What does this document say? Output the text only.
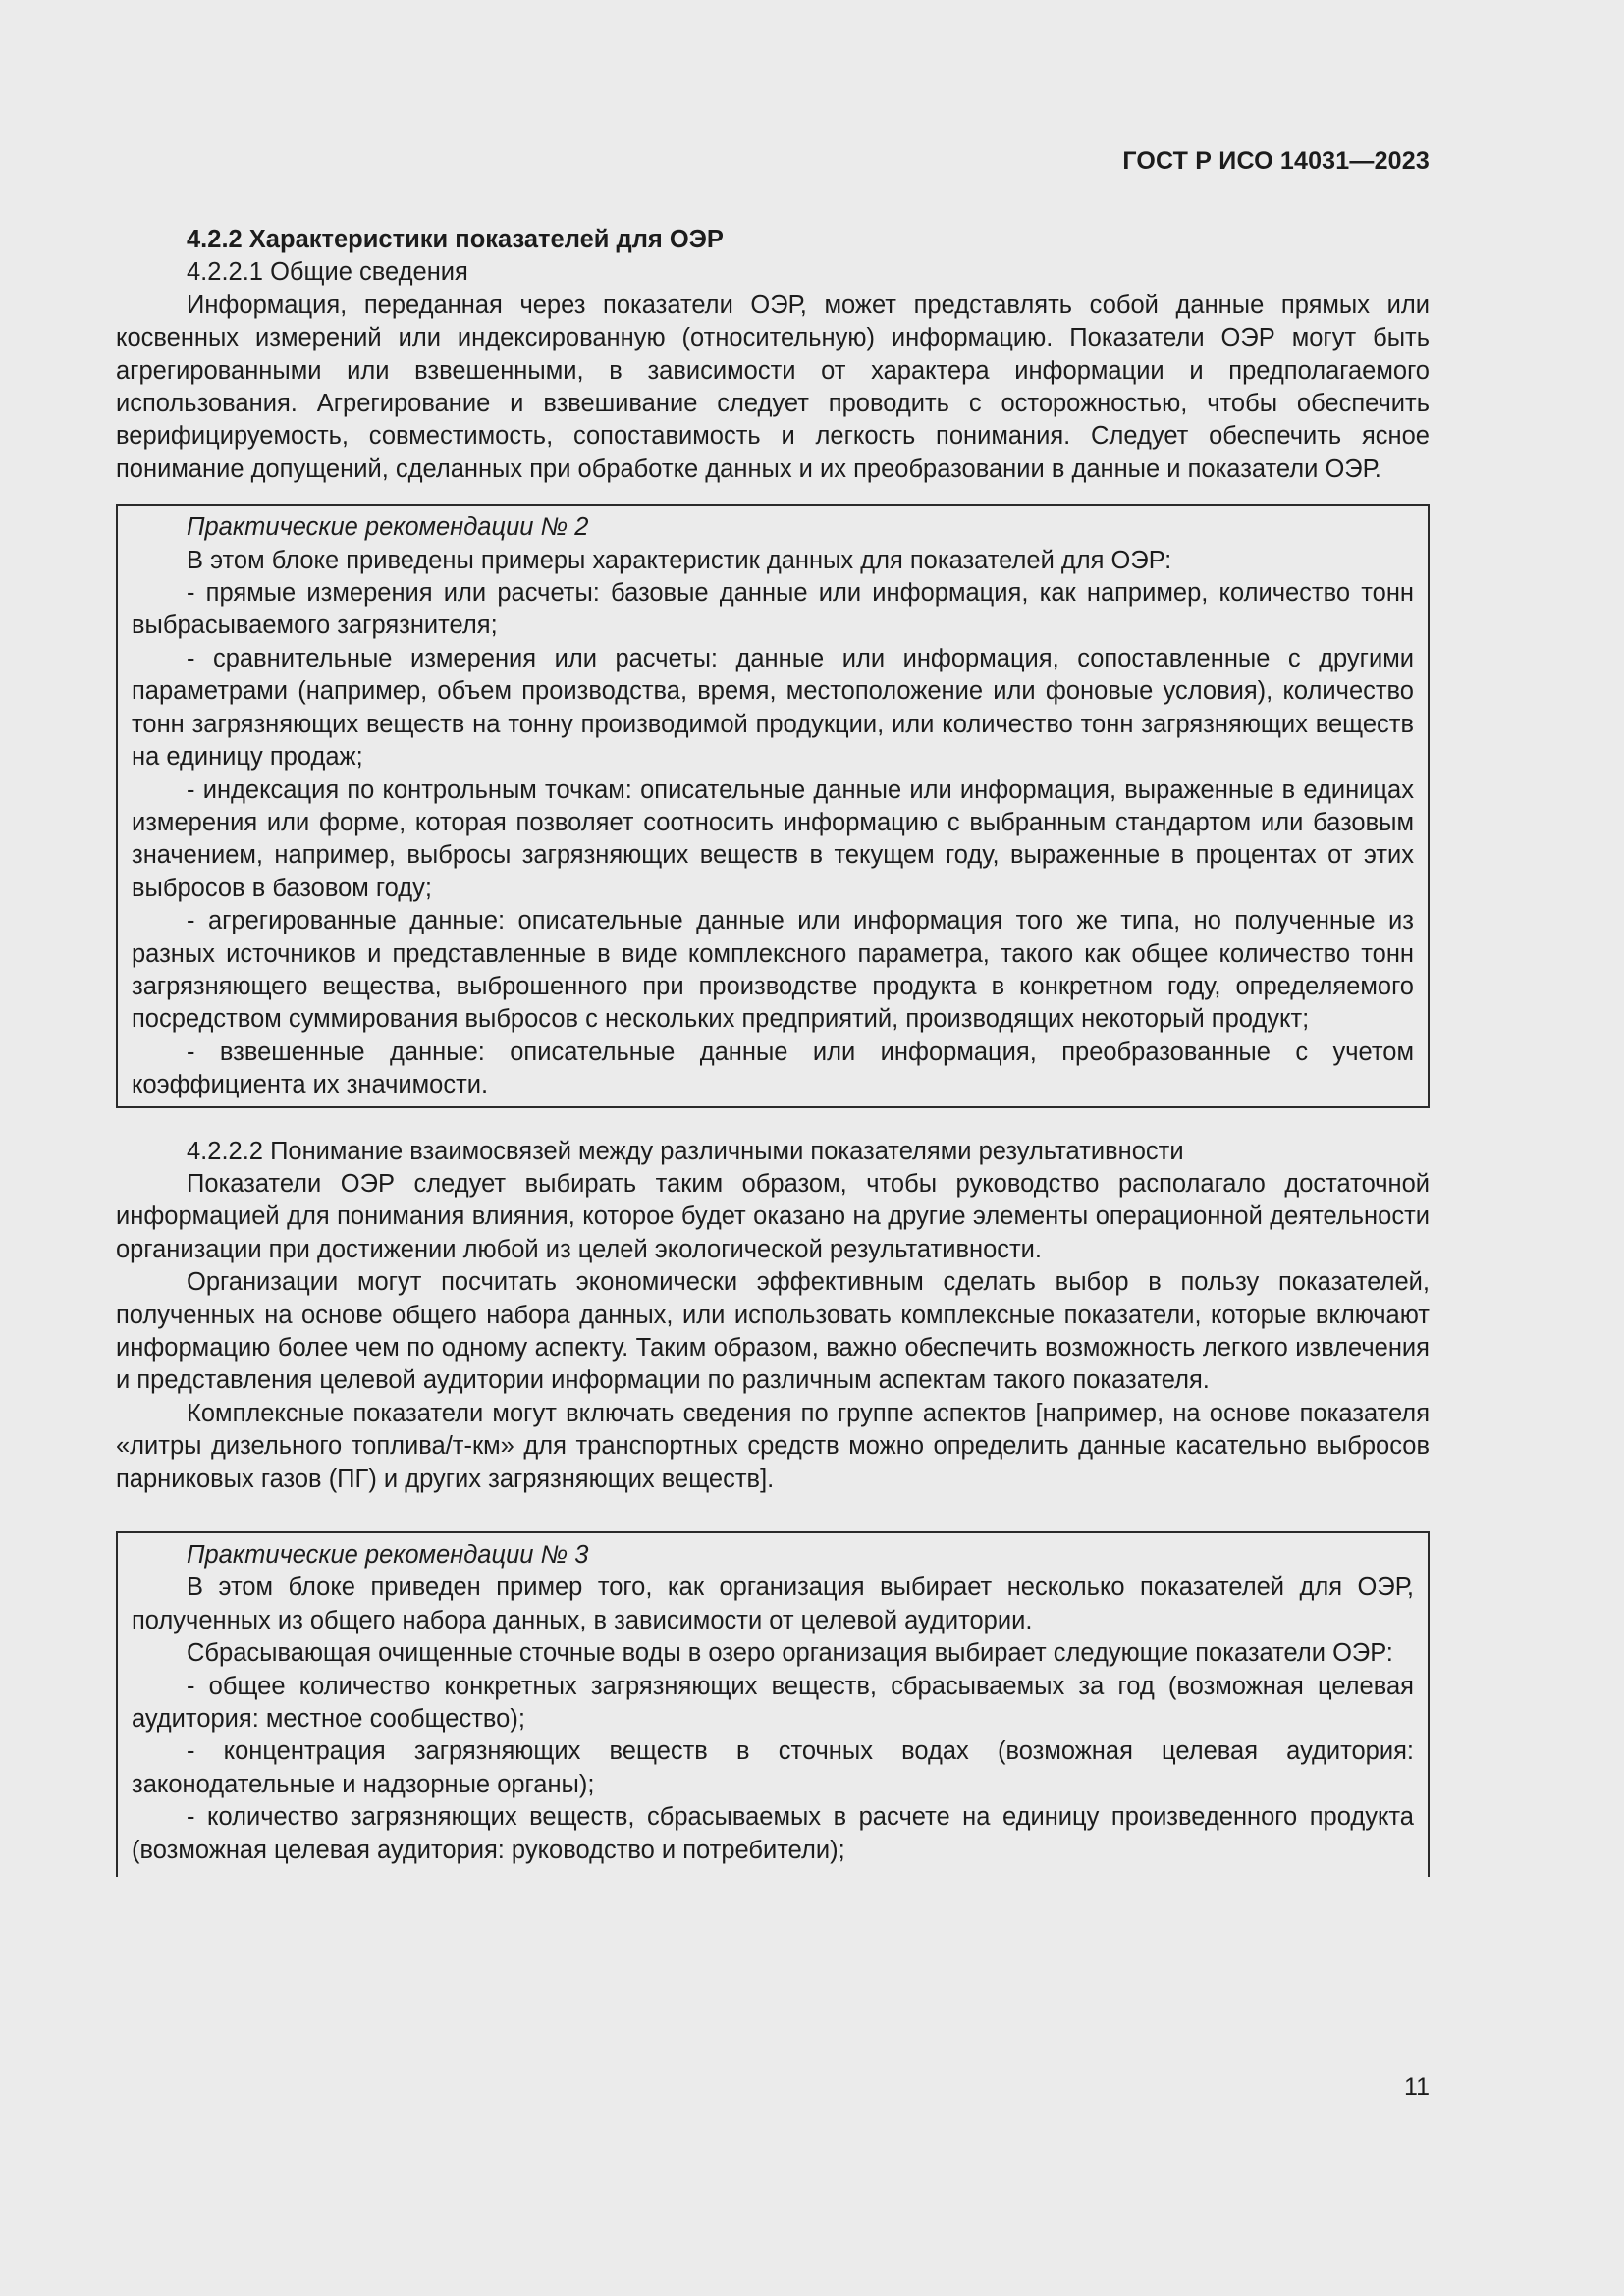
ГОСТ Р ИСО 14031—2023

4.2.2 Характеристики показателей для ОЭР

4.2.2.1 Общие сведения

Информация, переданная через показатели ОЭР, может представлять собой данные прямых или косвенных измерений или индексированную (относительную) информацию. Показатели ОЭР могут быть агрегированными или взвешенными, в зависимости от характера информации и предполагаемого использования. Агрегирование и взвешивание следует проводить с осторожностью, чтобы обеспечить верифицируемость, совместимость, сопоставимость и легкость понимания. Следует обеспечить ясное понимание допущений, сделанных при обработке данных и их преобразовании в данные и показатели ОЭР.

Практические рекомендации № 2

В этом блоке приведены примеры характеристик данных для показателей для ОЭР:

- прямые измерения или расчеты: базовые данные или информация, как например, количество тонн выбрасываемого загрязнителя;

- сравнительные измерения или расчеты: данные или информация, сопоставленные с другими параметрами (например, объем производства, время, местоположение или фоновые условия), количество тонн загрязняющих веществ на тонну производимой продукции, или количество тонн загрязняющих веществ на единицу продаж;

- индексация по контрольным точкам: описательные данные или информация, выраженные в единицах измерения или форме, которая позволяет соотносить информацию с выбранным стандартом или базовым значением, например, выбросы загрязняющих веществ в текущем году, выраженные в процентах от этих выбросов в базовом году;

- агрегированные данные: описательные данные или информация того же типа, но полученные из разных источников и представленные в виде комплексного параметра, такого как общее количество тонн загрязняющего вещества, выброшенного при производстве продукта в конкретном году, определяемого посредством суммирования выбросов с нескольких предприятий, производящих некоторый продукт;

- взвешенные данные: описательные данные или информация, преобразованные с учетом коэффициента их значимости.

4.2.2.2 Понимание взаимосвязей между различными показателями результативности

Показатели ОЭР следует выбирать таким образом, чтобы руководство располагало достаточной информацией для понимания влияния, которое будет оказано на другие элементы операционной деятельности организации при достижении любой из целей экологической результативности.

Организации могут посчитать экономически эффективным сделать выбор в пользу показателей, полученных на основе общего набора данных, или использовать комплексные показатели, которые включают информацию более чем по одному аспекту. Таким образом, важно обеспечить возможность легкого извлечения и представления целевой аудитории информации по различным аспектам такого показателя.

Комплексные показатели могут включать сведения по группе аспектов [например, на основе показателя «литры дизельного топлива/т-км» для транспортных средств можно определить данные касательно выбросов парниковых газов (ПГ) и других загрязняющих веществ].

Практические рекомендации № 3

В этом блоке приведен пример того, как организация выбирает несколько показателей для ОЭР, полученных из общего набора данных, в зависимости от целевой аудитории.

Сбрасывающая очищенные сточные воды в озеро организация выбирает следующие показатели ОЭР:

- общее количество конкретных загрязняющих веществ, сбрасываемых за год (возможная целевая аудитория: местное сообщество);

- концентрация загрязняющих веществ в сточных водах (возможная целевая аудитория: законодательные и надзорные органы);

- количество загрязняющих веществ, сбрасываемых в расчете на единицу произведенного продукта (возможная целевая аудитория: руководство и потребители);

11
